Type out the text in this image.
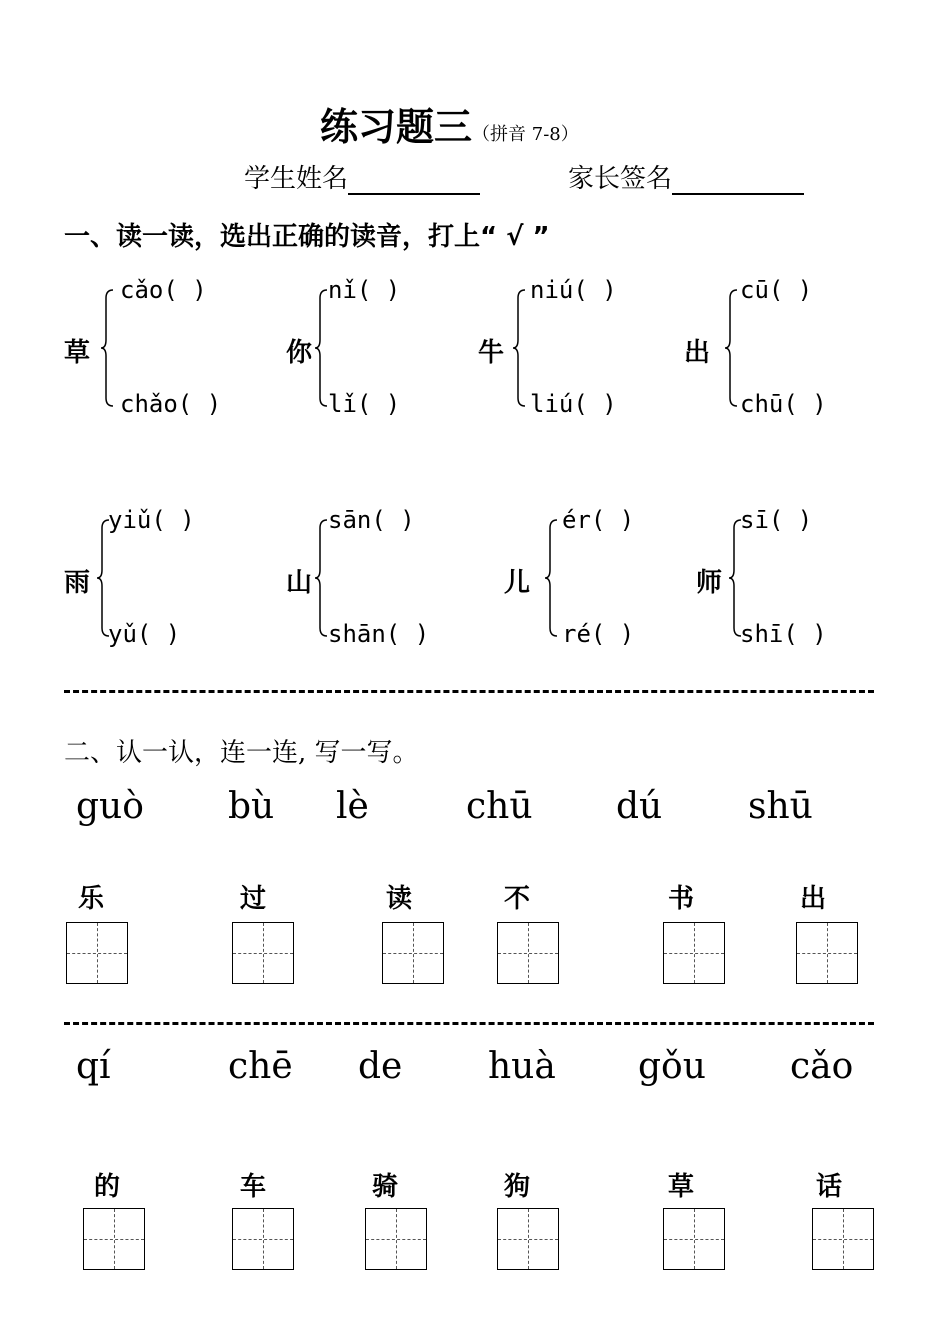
练习题三（拼音 7-8）
学生姓名	家长签名
一、读一读，选出正确的读音，打上“ √ ”
草
cǎo( )
chǎo( )
你
nǐ( )
lǐ( )
牛
niú( )
liú( )
出
cū( )
chū( )
雨
yiǔ( )
yǔ( )
山
sān( )
shān( )
儿
ér( )
ré( )
师
sī( )
shī( )
二、认一认，连一连, 写一写。
guò bù lè	chū dú shū
乐	过	读	不	书	出
qí	chē de huà gǒu cǎo
的	车	骑	狗	草	话
